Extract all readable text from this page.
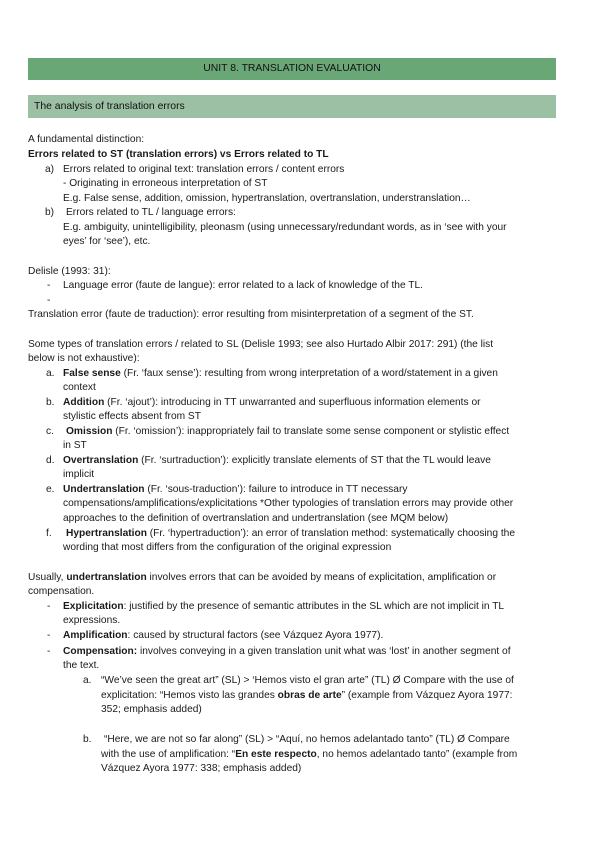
UNIT 8. TRANSLATION EVALUATION
The analysis of translation errors
A fundamental distinction:
Errors related to ST (translation errors) vs Errors related to TL
a) Errors related to original text: translation errors / content errors
- Originating in erroneous interpretation of ST
E.g. False sense, addition, omission, hypertranslation, overtranslation, understranslation…
b) Errors related to TL / language errors:
E.g. ambiguity, unintelligibility, pleonasm (using unnecessary/redundant words, as in ‘see with your
eyes’ for ‘see’), etc.
Delisle (1993: 31):
- Language error (faute de langue): error related to a lack of knowledge of the TL.
-
Translation error (faute de traduction): error resulting from misinterpretation of a segment of the ST.
Some types of translation errors / related to SL (Delisle 1993; see also Hurtado Albir 2017: 291) (the list
below is not exhaustive):
a. False sense (Fr. ‘faux sense’): resulting from wrong interpretation of a word/statement in a given
context
b. Addition (Fr. ‘ajout’): introducing in TT unwarranted and superfluous information elements or
stylistic effects absent from ST
c. Omission (Fr. ‘omission’): inappropriately fail to translate some sense component or stylistic effect
in ST
d. Overtranslation (Fr. ‘surtraduction’): explicitly translate elements of ST that the TL would leave
implicit
e. Undertranslation (Fr. ‘sous-traduction’): failure to introduce in TT necessary
compensations/amplifications/explicitations *Other typologies of translation errors may provide other
approaches to the definition of overtranslation and undertranslation (see MQM below)
f. Hypertranslation (Fr. ‘hypertraduction’): an error of translation method: systematically choosing the
wording that most differs from the configuration of the original expression
Usually, undertranslation involves errors that can be avoided by means of explicitation, amplification or
compensation.
- Explicitation: justified by the presence of semantic attributes in the SL which are not implicit in TL
expressions.
- Amplification: caused by structural factors (see Vázquez Ayora 1977).
- Compensation: involves conveying in a given translation unit what was ‘lost’ in another segment of
the text.
a. “We’ve seen the great art” (SL) > ‘Hemos visto el gran arte” (TL) Ø Compare with the use of
explicitation: “Hemos visto las grandes obras de arte” (example from Vázquez Ayora 1977:
352; emphasis added)
b. “Here, we are not so far along” (SL) > “Aquí, no hemos adelantado tanto” (TL) Ø Compare
with the use of amplification: “En este respecto, no hemos adelantado tanto” (example from
Vázquez Ayora 1977: 338; emphasis added)
